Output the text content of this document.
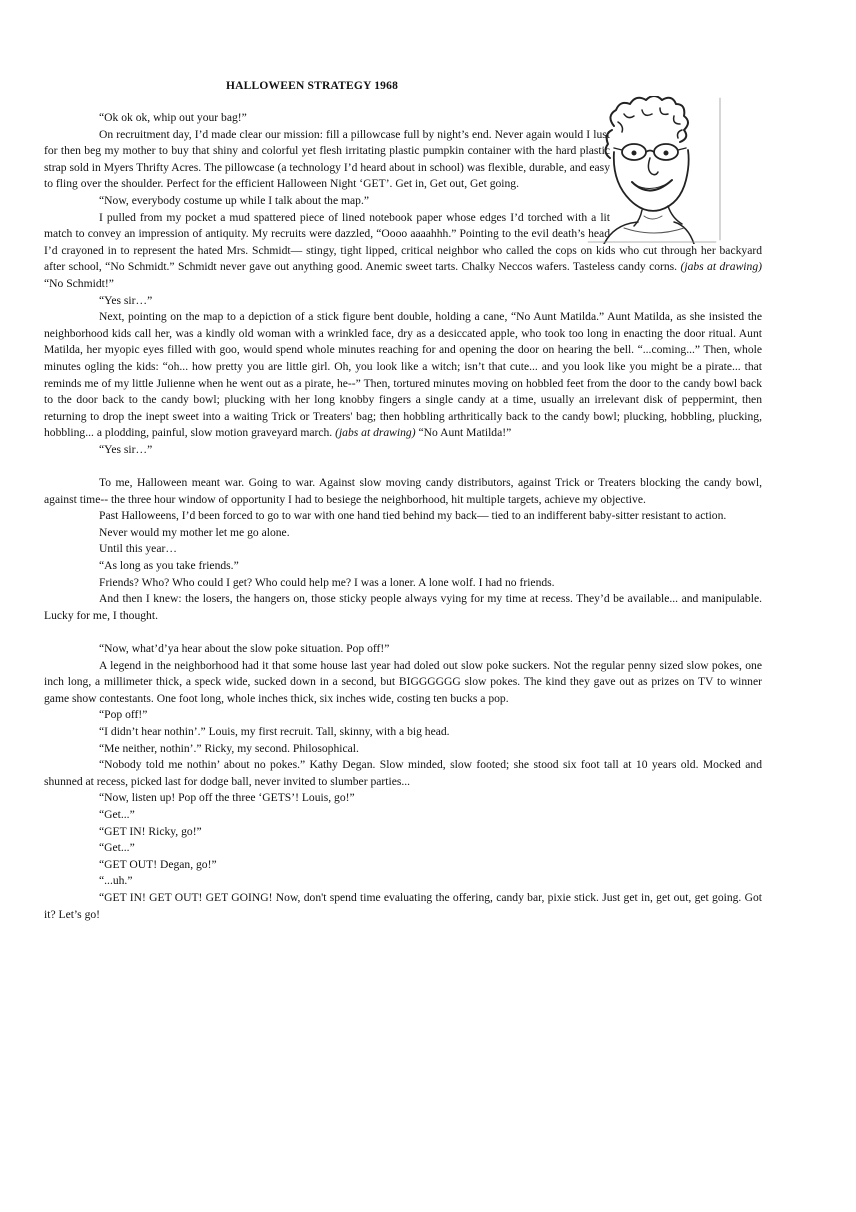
HALLOWEEN STRATEGY 1968

“Ok ok ok, whip out your bag!”

On recruitment day, I’d made clear our mission: fill a pillowcase full by night’s end. Never again would I lust for then beg my mother to buy that shiny and colorful yet flesh irritating plastic pumpkin container with the hard plastic strap sold in Myers Thrifty Acres. The pillowcase (a technology I’d heard about in school) was flexible, durable, and easy to fling over the shoulder. Perfect for the efficient Halloween Night ‘GET’. Get in, Get out, Get going.

“Now, everybody costume up while I talk about the map.”

I pulled from my pocket a mud spattered piece of lined notebook paper whose edges I’d torched with a lit match to convey an impression of antiquity. My recruits were dazzled, “Oooo aaaahhh.” Pointing to the evil death’s head I’d crayoned in to represent the hated Mrs. Schmidt— stingy, tight lipped, critical neighbor who called the cops on kids who cut through her backyard after school, “No Schmidt.” Schmidt never gave out anything good. Anemic sweet tarts. Chalky Neccos wafers. Tasteless candy corns. (jabs at drawing) “No Schmidt!”

“Yes sir…”

Next, pointing on the map to a depiction of a stick figure bent double, holding a cane, “No Aunt Matilda.” Aunt Matilda, as she insisted the neighborhood kids call her, was a kindly old woman with a wrinkled face, dry as a desiccated apple, who took too long in enacting the door ritual. Aunt Matilda, her myopic eyes filled with goo, would spend whole minutes reaching for and opening the door on hearing the bell. “...coming...” Then, whole minutes ogling the kids: “oh... how pretty you are little girl. Oh, you look like a witch; isn’t that cute... and you look like you might be a pirate... that reminds me of my little Julienne when he went out as a pirate, he--” Then, tortured minutes moving on hobbled feet from the door to the candy bowl back to the door back to the candy bowl; plucking with her long knobby fingers a single candy at a time, usually an irrelevant disk of peppermint, then returning to drop the inept sweet into a waiting Trick or Treaters' bag; then hobbling arthritically back to the candy bowl; plucking, hobbling, plucking, hobbling... a plodding, painful, slow motion graveyard march. (jabs at drawing) “No Aunt Matilda!”

“Yes sir…”

To me, Halloween meant war. Going to war. Against slow moving candy distributors, against Trick or Treaters blocking the candy bowl, against time-- the three hour window of opportunity I had to besiege the neighborhood, hit multiple targets, achieve my objective.

Past Halloweens, I’d been forced to go to war with one hand tied behind my back— tied to an indifferent baby-sitter resistant to action.

Never would my mother let me go alone.

Until this year…

“As long as you take friends.”

Friends? Who? Who could I get? Who could help me? I was a loner. A lone wolf. I had no friends.

And then I knew: the losers, the hangers on, those sticky people always vying for my time at recess. They’d be available... and manipulable. Lucky for me, I thought.

“Now, what’d’ya hear about the slow poke situation. Pop off!”

A legend in the neighborhood had it that some house last year had doled out slow poke suckers. Not the regular penny sized slow pokes, one inch long, a millimeter thick, a speck wide, sucked down in a second, but BIGGGGGG slow pokes. The kind they gave out as prizes on TV to winner game show contestants. One foot long, whole inches thick, six inches wide, costing ten bucks a pop.

“Pop off!”

“I didn’t hear nothin’.” Louis, my first recruit. Tall, skinny, with a big head.

“Me neither, nothin’.” Ricky, my second. Philosophical.

“Nobody told me nothin’ about no pokes.” Kathy Degan. Slow minded, slow footed; she stood six foot tall at 10 years old. Mocked and shunned at recess, picked last for dodge ball, never invited to slumber parties...

“Now, listen up! Pop off the three ‘GETS’! Louis, go!”

“Get...”

“GET IN! Ricky, go!”

“Get...”

“GET OUT! Degan, go!”

“...uh.”

“GET IN! GET OUT! GET GOING! Now, don't spend time evaluating the offering, candy bar, pixie stick. Just get in, get out, get going. Got it? Let’s go!
